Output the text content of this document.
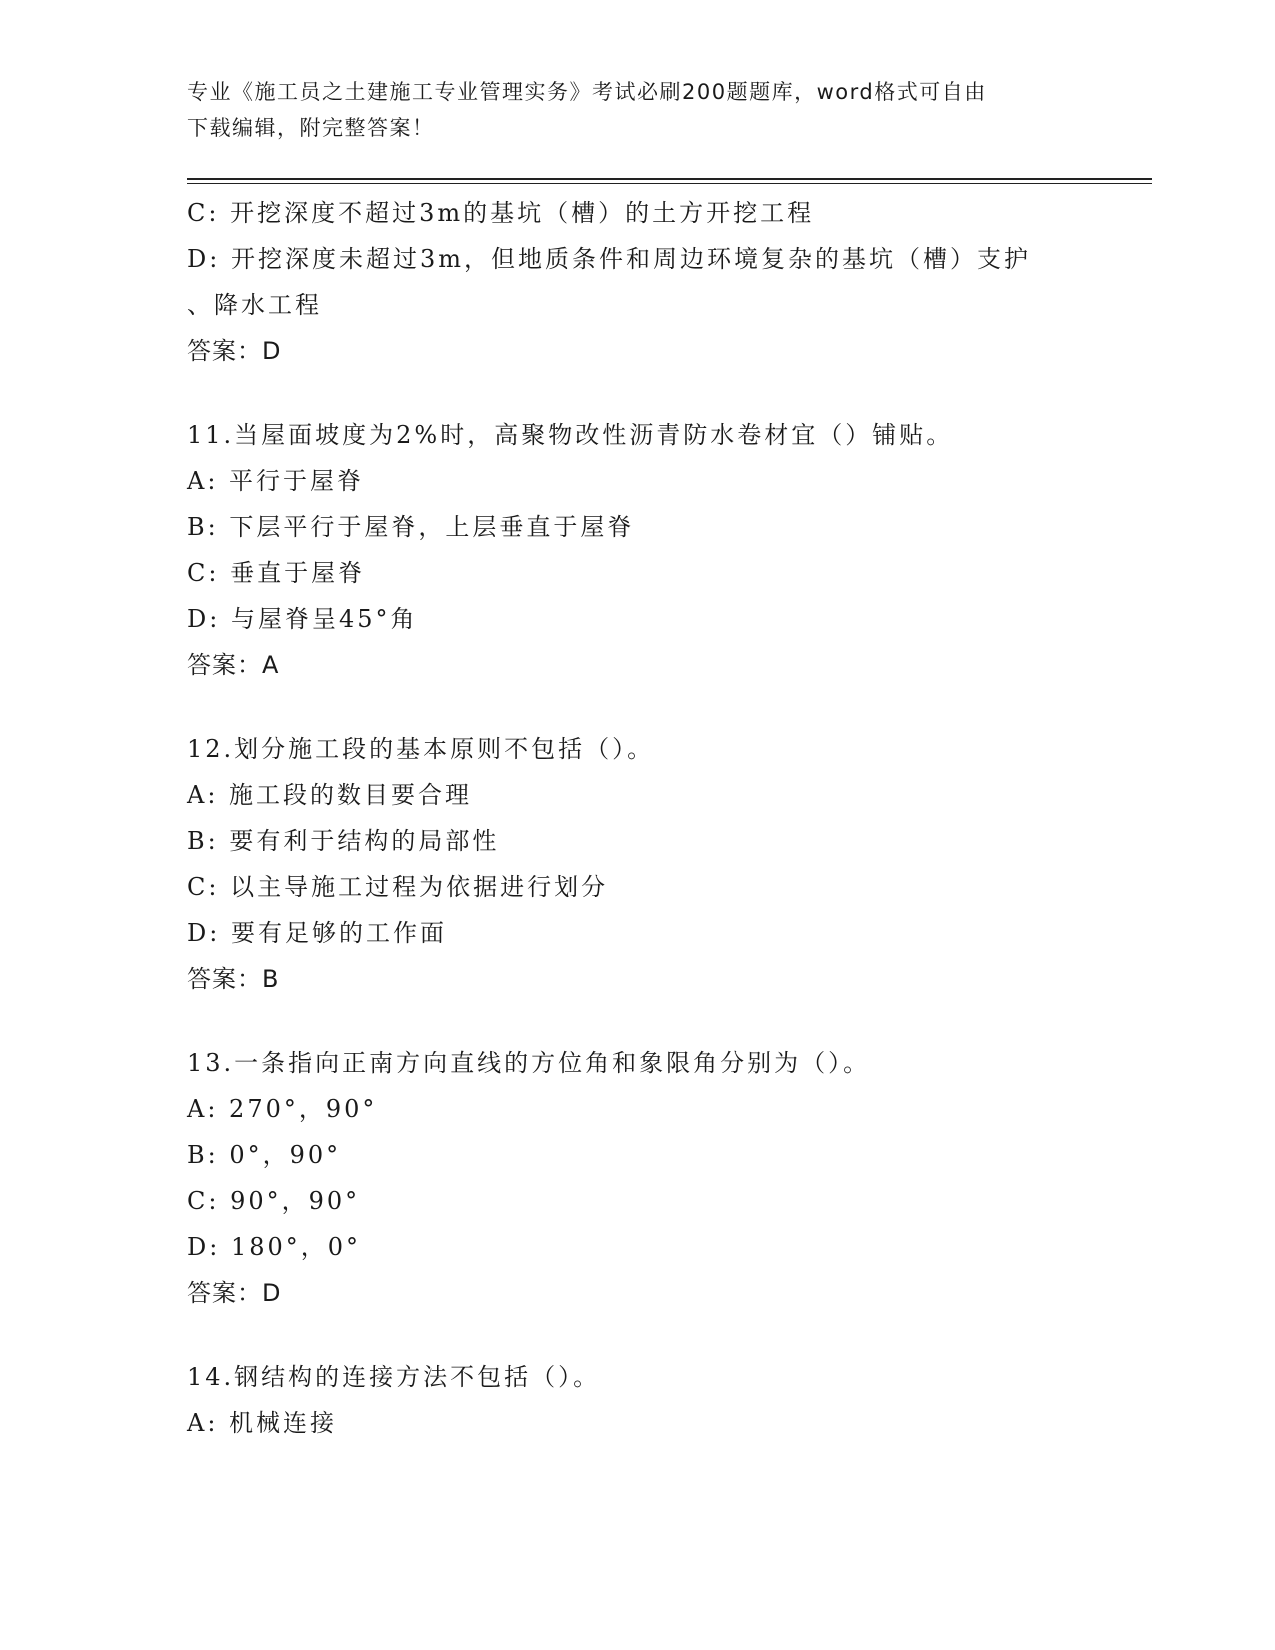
专业《施工员之土建施工专业管理实务》考试必刷200题题库，word格式可自由
下载编辑，附完整答案！
C: 开挖深度不超过3m的基坑（槽）的土方开挖工程
D: 开挖深度未超过3m，但地质条件和周边环境复杂的基坑（槽）支护
、降水工程
答案：D
11.当屋面坡度为2%时，高聚物改性沥青防水卷材宜（）铺贴。
A: 平行于屋脊
B: 下层平行于屋脊，上层垂直于屋脊
C: 垂直于屋脊
D: 与屋脊呈45°角
答案：A
12.划分施工段的基本原则不包括（）。
A: 施工段的数目要合理
B: 要有利于结构的局部性
C: 以主导施工过程为依据进行划分
D: 要有足够的工作面
答案：B
13.一条指向正南方向直线的方位角和象限角分别为（）。
A: 270°，90°
B: 0°，90°
C: 90°，90°
D: 180°，0°
答案：D
14.钢结构的连接方法不包括（）。
A: 机械连接
